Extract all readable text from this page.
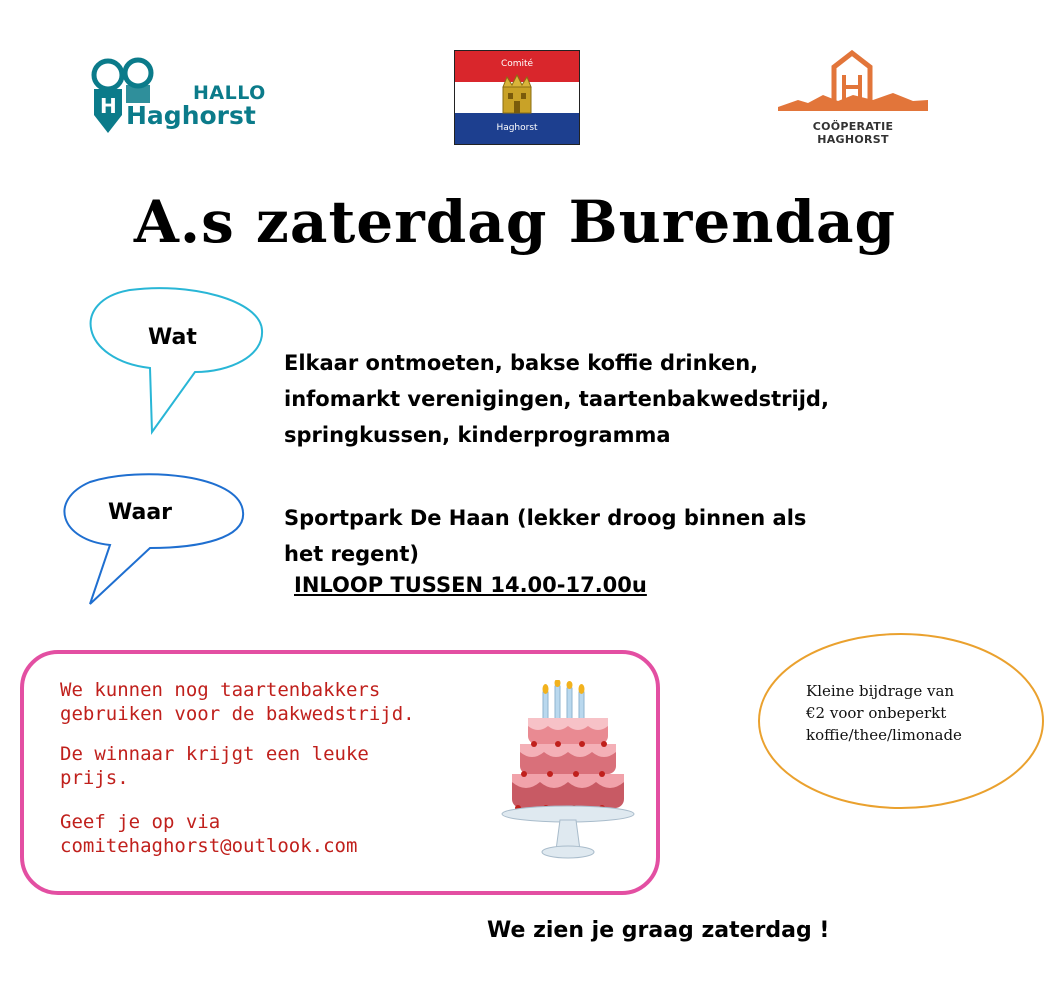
H
HALLO
Haghorst
Comité
Haghorst	COÖPERATIE HAGHORST
A.s zaterdag Burendag
Wat
Elkaar ontmoeten, bakse koffie drinken,
infomarkt verenigingen, taartenbakwedstrijd,
springkussen, kinderprogramma
Waar	Sportpark De Haan (lekker droog binnen als
het regent)
INLOOP TUSSEN 14.00-17.00u
We kunnen nog taartenbakkers
gebruiken voor de bakwedstrijd.
De winnaar krijgt een leuke
prijs.
Geef je op via
comitehaghorst@outlook.com
Kleine bijdrage van
€2 voor onbeperkt
koffie/thee/limonade
We zien je graag zaterdag !
